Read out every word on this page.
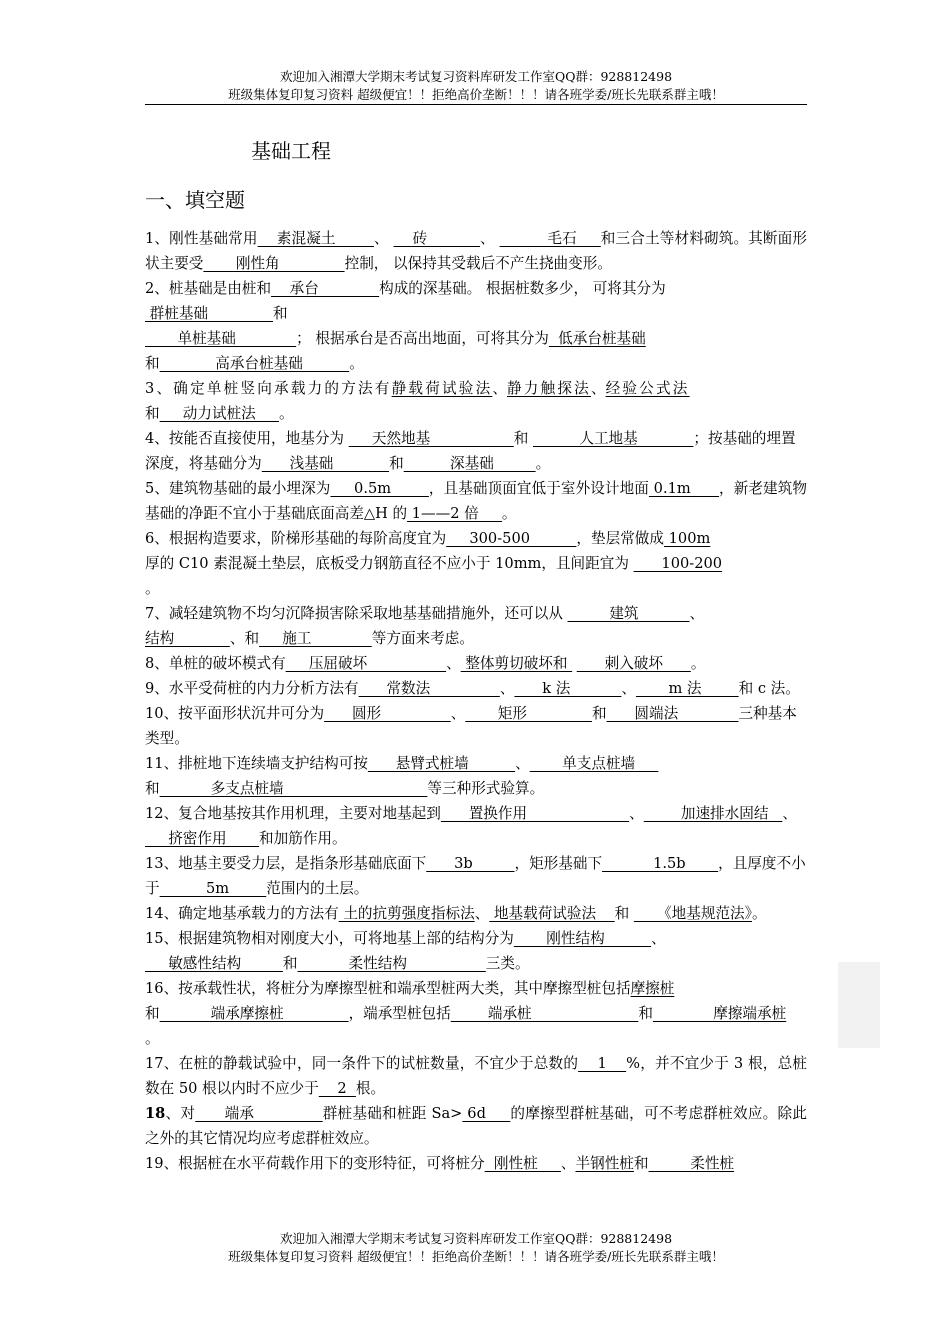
欢迎加入湘潭大学期末考试复习资料库研发工作室QQ群：928812498
班级集体复印复习资料 超级便宜！！拒绝高价垄断！！！请各班学委/班长先联系群主哦！
基础工程
一、填空题

1、刚性基础常用    素混凝土        、     砖           、           毛石     和三合土等材料砌筑。其断面形状主要受       刚性角              控制， 以保持其受载后不产生挠曲变形。

2、桩基础是由桩和    承台             构成的深基础。 根据桩数多少， 可将其分为 群桩基础              和
单桩基础             ； 根据承台是否高出地面，可将其分为  低承台桩基础
和            高承台桩基础          。

3、确定单桩竖向承载力的方法有静载荷试验法、静力触探法、经验公式法
和     动力试桩法     。

4、按能否直接使用，地基分为      天然地基                  和           人工地基            ；按基础的埋置深度，将基础分为      浅基础            和          深基础         。

5、建筑物基础的最小埋深为     0.5m        ，且基础顶面宜低于室外设计地面 0.1m      ，新老建筑物基础的净距不宜小于基础底面高差△H 的 1——2 倍     。

6、根据构造要求，阶梯形基础的每阶高度宜为     300-500          ，垫层常做成 100m
厚的 C10 素混凝土垫层，底板受力钢筋直径不应小于 10mm，且间距宜为       100-200
。

7、减轻建筑物不均匀沉降损害除采取地基基础措施外，还可以从          建筑           、
结构            、和     施工             等方面来考虑。

8、单桩的破坏模式有     压屈破坏                 、 整体剪切破坏和        刺入破坏      。

9、水平受荷桩的内力分析方法有      常数法               、      k 法           、       m 法        和 c 法。

10、按平面形状沉井可分为      圆形               、       矩形              和      圆端法             三种基本类型。

11、排桩地下连续墙支护结构可按      悬臂式桩墙          、       单支点桩墙
和           多支点桩墙                               等三种形式验算。

12、复合地基按其作用机理，主要对地基起到      置换作用                      、        加速排水固结   、     挤密作用       和加筋作用。

13、地基主要受力层，是指条形基础底面下      3b         ，矩形基础下           1.5b       ，且厚度不小于          5m        范围内的土层。

14、确定地基承载力的方法有 土的抗剪强度指标法、 地基载荷试验法    和      《地基规范法》。

15、根据建筑物相对刚度大小，可将地基上部的结构分为       刚性结构          、     敏感性结构         和           柔性结构                 三类。

16、按承载性状，将桩分为摩擦型桩和端承型桩两大类，其中摩擦型桩包括摩擦桩
和           端承摩擦桩              ，端承型桩包括        端承桩                       和             摩擦端承桩
。

17、在桩的静载试验中，同一条件下的试桩数量，不宜少于总数的    1    %，并不宜少于 3 根，总桩数在 50 根以内时不应少于    2  根。

18、对      端承              群桩基础和桩距 Sa> 6d     的摩擦型群桩基础，可不考虑群桩效应。除此之外的其它情况均应考虑群桩效应。

19、根据桩在水平荷载作用下的变形特征，可将桩分  刚性桩     、半钢性桩和         柔性桩

欢迎加入湘潭大学期末考试复习资料库研发工作室QQ群：928812498
班级集体复印复习资料 超级便宜！！拒绝高价垄断！！！请各班学委/班长先联系群主哦！
